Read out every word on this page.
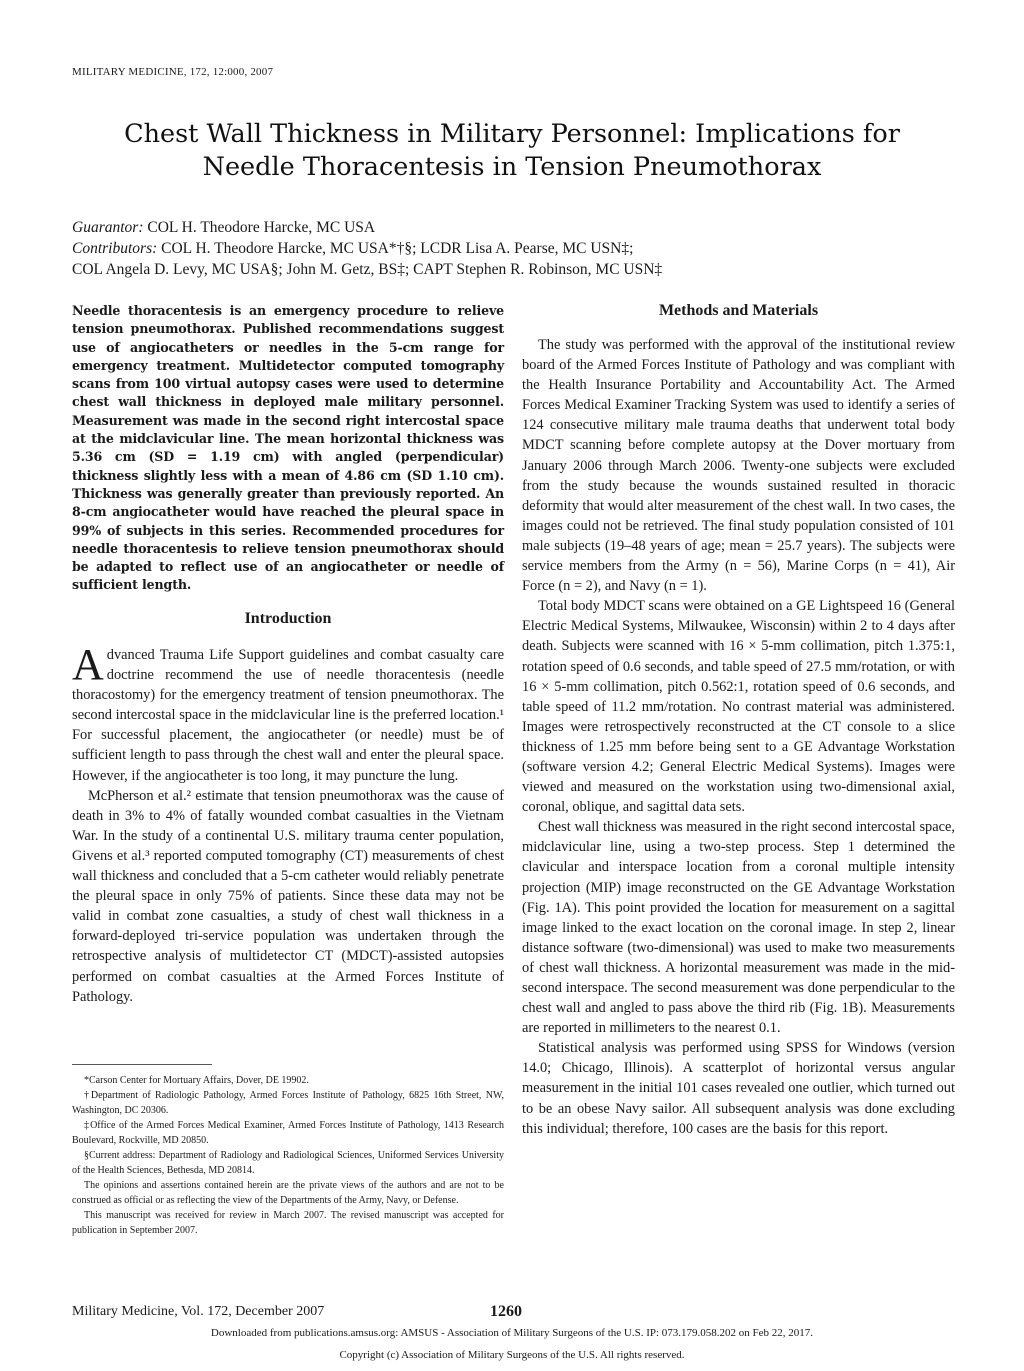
MILITARY MEDICINE, 172, 12:000, 2007
Chest Wall Thickness in Military Personnel: Implications for
Needle Thoracentesis in Tension Pneumothorax
Guarantor: COL H. Theodore Harcke, MC USA
Contributors: COL H. Theodore Harcke, MC USA*†§; LCDR Lisa A. Pearse, MC USN‡;
COL Angela D. Levy, MC USA§; John M. Getz, BS‡; CAPT Stephen R. Robinson, MC USN‡
Needle thoracentesis is an emergency procedure to relieve tension pneumothorax. Published recommendations suggest use of angiocatheters or needles in the 5-cm range for emergency treatment. Multidetector computed tomography scans from 100 virtual autopsy cases were used to determine chest wall thickness in deployed male military personnel. Measurement was made in the second right intercostal space at the midclavicular line. The mean horizontal thickness was 5.36 cm (SD = 1.19 cm) with angled (perpendicular) thickness slightly less with a mean of 4.86 cm (SD 1.10 cm). Thickness was generally greater than previously reported. An 8-cm angiocatheter would have reached the pleural space in 99% of subjects in this series. Recommended procedures for needle thoracentesis to relieve tension pneumothorax should be adapted to reflect use of an angiocatheter or needle of sufficient length.
Introduction

Advanced Trauma Life Support guidelines and combat casualty care doctrine recommend the use of needle thoracentesis (needle thoracostomy) for the emergency treatment of tension pneumothorax. The second intercostal space in the midclavicular line is the preferred location.¹ For successful placement, the angiocatheter (or needle) must be of sufficient length to pass through the chest wall and enter the pleural space. However, if the angiocatheter is too long, it may puncture the lung.

McPherson et al.² estimate that tension pneumothorax was the cause of death in 3% to 4% of fatally wounded combat casualties in the Vietnam War. In the study of a continental U.S. military trauma center population, Givens et al.³ reported computed tomography (CT) measurements of chest wall thickness and concluded that a 5-cm catheter would reliably penetrate the pleural space in only 75% of patients. Since these data may not be valid in combat zone casualties, a study of chest wall thickness in a forward-deployed tri-service population was undertaken through the retrospective analysis of multidetector CT (MDCT)-assisted autopsies performed on combat casualties at the Armed Forces Institute of Pathology.

*Carson Center for Mortuary Affairs, Dover, DE 19902.

†Department of Radiologic Pathology, Armed Forces Institute of Pathology, 6825 16th Street, NW, Washington, DC 20306.

‡Office of the Armed Forces Medical Examiner, Armed Forces Institute of Pathology, 1413 Research Boulevard, Rockville, MD 20850.

§Current address: Department of Radiology and Radiological Sciences, Uniformed Services University of the Health Sciences, Bethesda, MD 20814.

The opinions and assertions contained herein are the private views of the authors and are not to be construed as official or as reflecting the view of the Departments of the Army, Navy, or Defense.

This manuscript was received for review in March 2007. The revised manuscript was accepted for publication in September 2007.

Methods and Materials

The study was performed with the approval of the institutional review board of the Armed Forces Institute of Pathology and was compliant with the Health Insurance Portability and Accountability Act. The Armed Forces Medical Examiner Tracking System was used to identify a series of 124 consecutive military male trauma deaths that underwent total body MDCT scanning before complete autopsy at the Dover mortuary from January 2006 through March 2006. Twenty-one subjects were excluded from the study because the wounds sustained resulted in thoracic deformity that would alter measurement of the chest wall. In two cases, the images could not be retrieved. The final study population consisted of 101 male subjects (19–48 years of age; mean = 25.7 years). The subjects were service members from the Army (n = 56), Marine Corps (n = 41), Air Force (n = 2), and Navy (n = 1).

Total body MDCT scans were obtained on a GE Lightspeed 16 (General Electric Medical Systems, Milwaukee, Wisconsin) within 2 to 4 days after death. Subjects were scanned with 16 × 5-mm collimation, pitch 1.375:1, rotation speed of 0.6 seconds, and table speed of 27.5 mm/rotation, or with 16 × 5-mm collimation, pitch 0.562:1, rotation speed of 0.6 seconds, and table speed of 11.2 mm/rotation. No contrast material was administered. Images were retrospectively reconstructed at the CT console to a slice thickness of 1.25 mm before being sent to a GE Advantage Workstation (software version 4.2; General Electric Medical Systems). Images were viewed and measured on the workstation using two-dimensional axial, coronal, oblique, and sagittal data sets.

Chest wall thickness was measured in the right second intercostal space, midclavicular line, using a two-step process. Step 1 determined the clavicular and interspace location from a coronal multiple intensity projection (MIP) image reconstructed on the GE Advantage Workstation (Fig. 1A). This point provided the location for measurement on a sagittal image linked to the exact location on the coronal image. In step 2, linear distance software (two-dimensional) was used to make two measurements of chest wall thickness. A horizontal measurement was made in the mid-second interspace. The second measurement was done perpendicular to the chest wall and angled to pass above the third rib (Fig. 1B). Measurements are reported in millimeters to the nearest 0.1.

Statistical analysis was performed using SPSS for Windows (version 14.0; Chicago, Illinois). A scatterplot of horizontal versus angular measurement in the initial 101 cases revealed one outlier, which turned out to be an obese Navy sailor. All subsequent analysis was done excluding this individual; therefore, 100 cases are the basis for this report.

Military Medicine, Vol. 172, December 2007	1260
Downloaded from publications.amsus.org: AMSUS - Association of Military Surgeons of the U.S. IP: 073.179.058.202 on Feb 22, 2017.
Copyright (c) Association of Military Surgeons of the U.S. All rights reserved.
